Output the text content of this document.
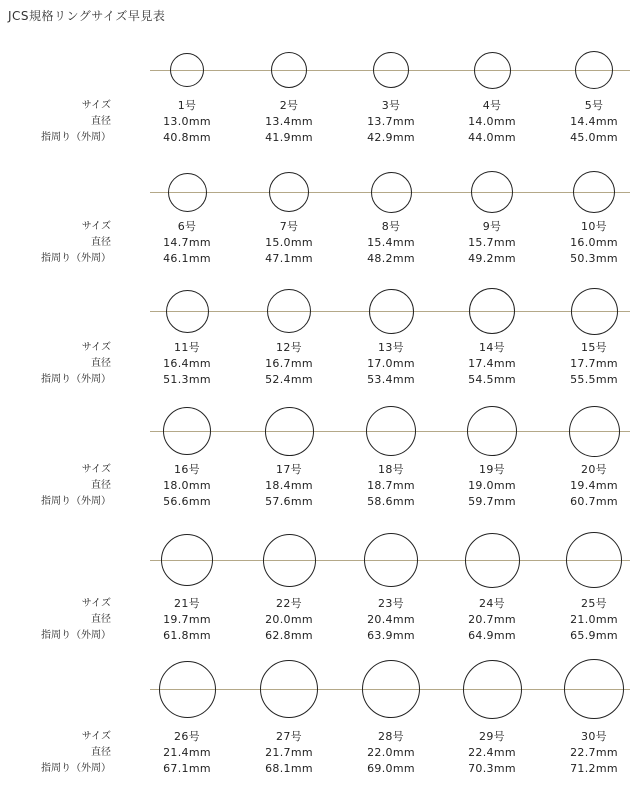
JCS規格リングサイズ早見表
サイズ
直径
指周り（外周）
1号
13.0mm
40.8mm
2号
13.4mm
41.9mm
3号
13.7mm
42.9mm
4号
14.0mm
44.0mm
5号
14.4mm
45.0mm
サイズ
直径
指周り（外周）
6号
14.7mm
46.1mm
7号
15.0mm
47.1mm
8号
15.4mm
48.2mm
9号
15.7mm
49.2mm
10号
16.0mm
50.3mm
サイズ
直径
指周り（外周）
11号
16.4mm
51.3mm
12号
16.7mm
52.4mm
13号
17.0mm
53.4mm
14号
17.4mm
54.5mm
15号
17.7mm
55.5mm
サイズ
直径
指周り（外周）
16号
18.0mm
56.6mm
17号
18.4mm
57.6mm
18号
18.7mm
58.6mm
19号
19.0mm
59.7mm
20号
19.4mm
60.7mm
サイズ
直径
指周り（外周）
21号
19.7mm
61.8mm
22号
20.0mm
62.8mm
23号
20.4mm
63.9mm
24号
20.7mm
64.9mm
25号
21.0mm
65.9mm
サイズ
直径
指周り（外周）
26号
21.4mm
67.1mm
27号
21.7mm
68.1mm
28号
22.0mm
69.0mm
29号
22.4mm
70.3mm
30号
22.7mm
71.2mm
